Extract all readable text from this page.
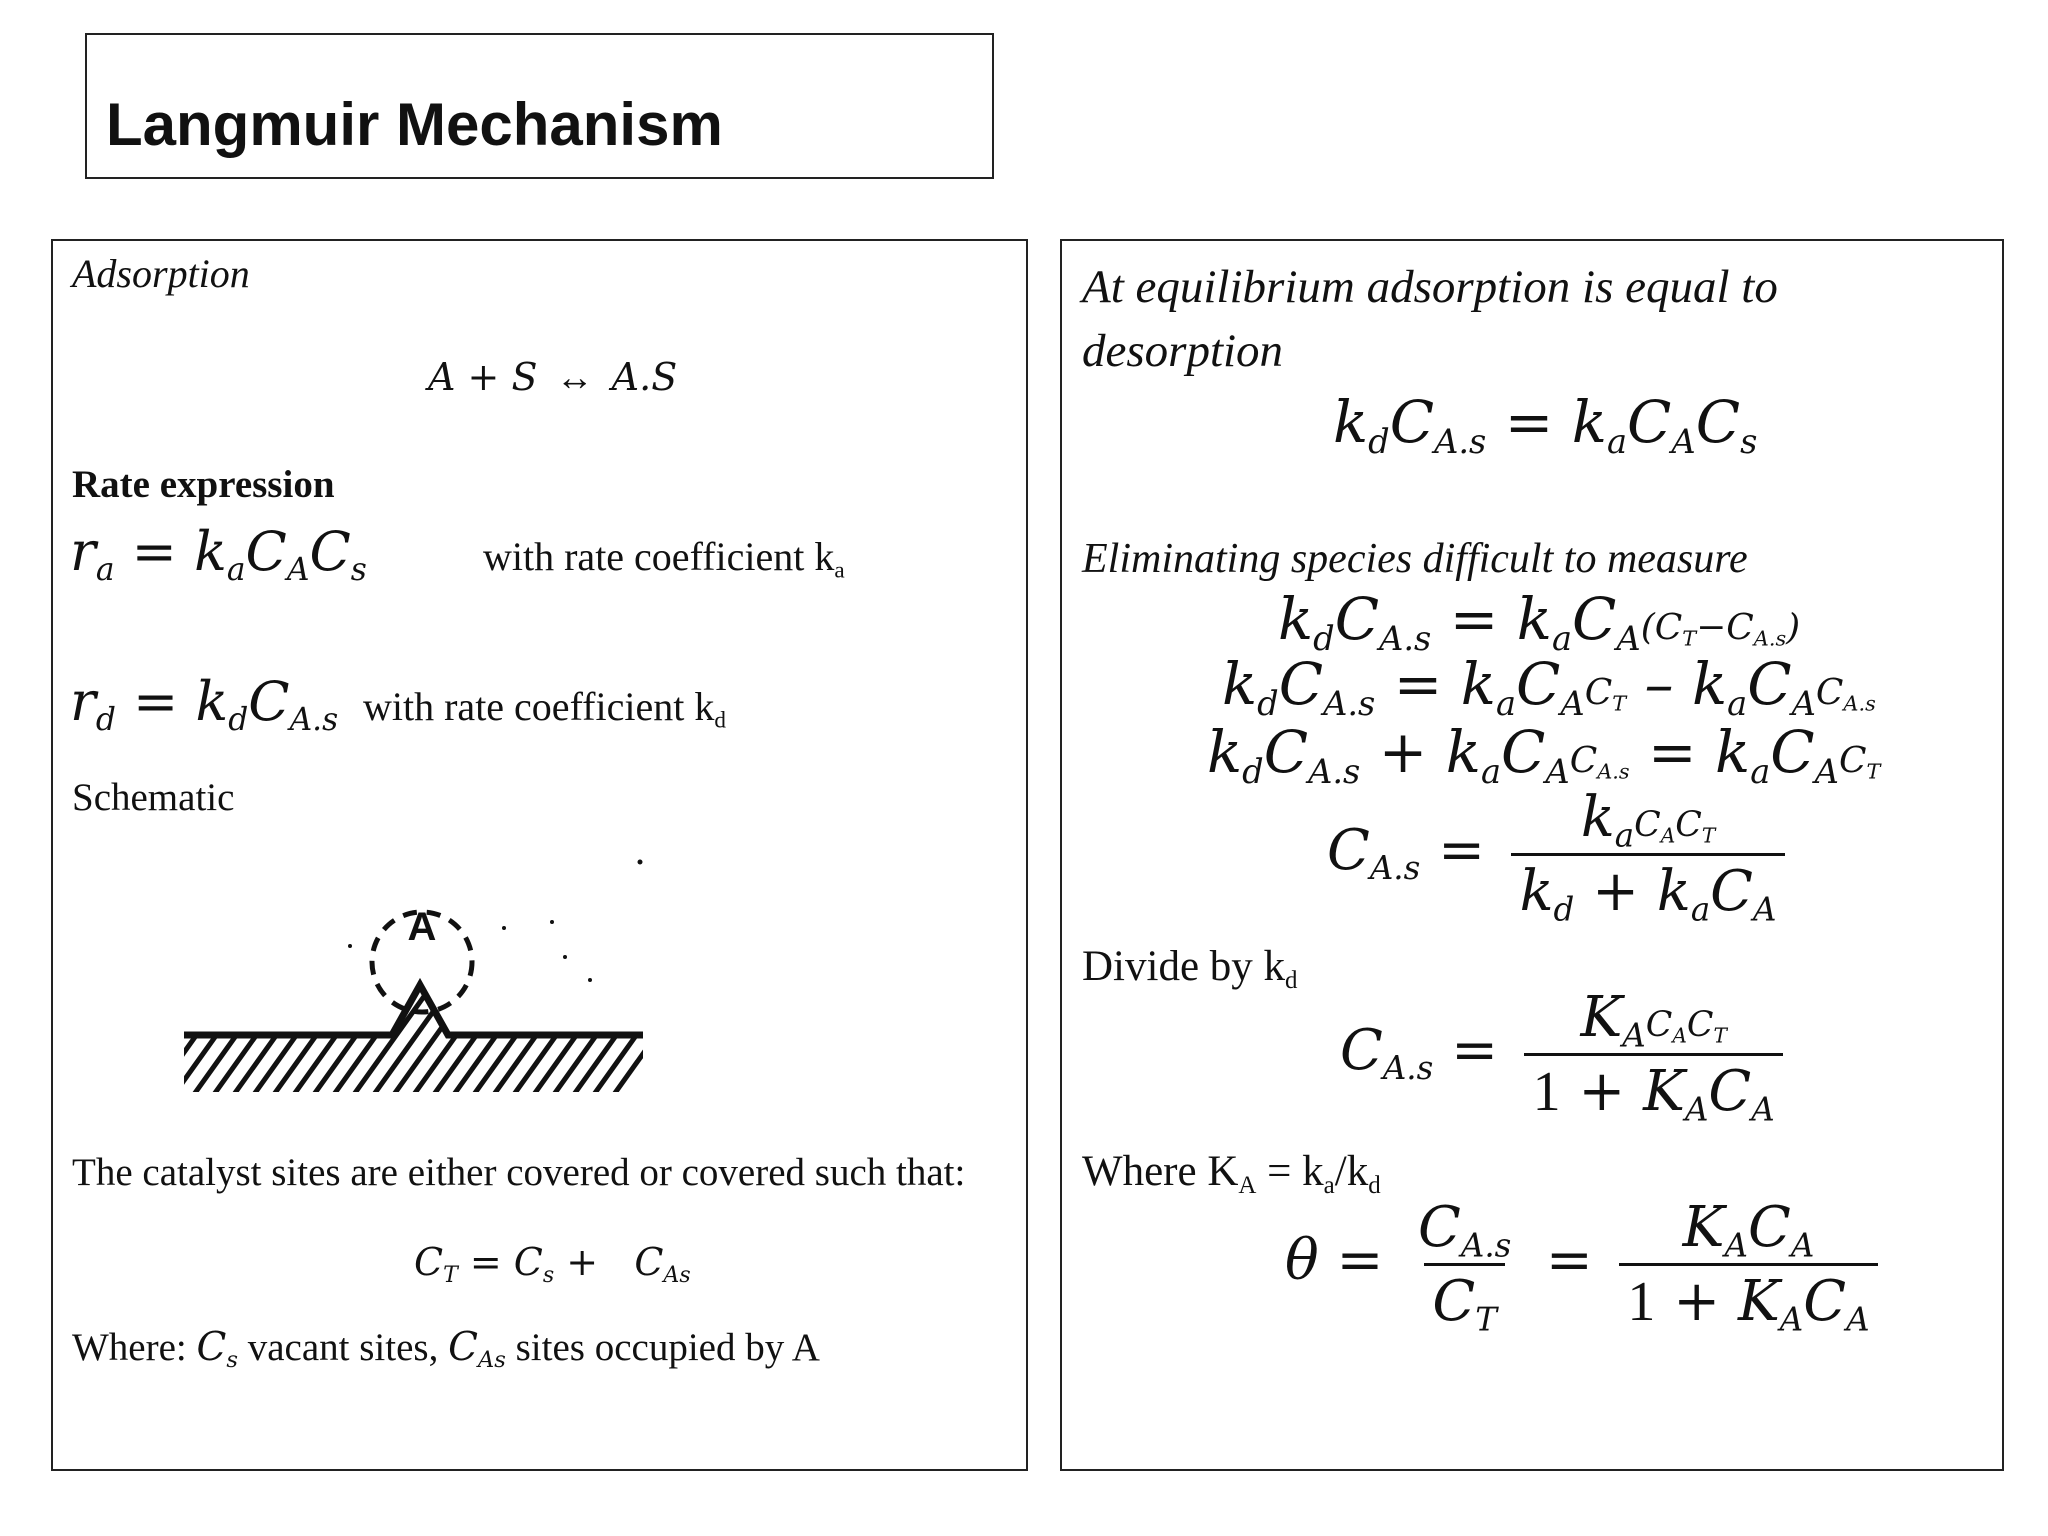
Langmuir Mechanism
Adsorption
A + S ↔ A.S
Rate expression
$r_a = k_aC_AC_s$	with rate coefficient $k_a$
$r_d = k_dC_{A.s}$ with rate coefficient $k_d$
Schematic
A
The catalyst sites are either covered or covered such that:
$C_T = C_s + C_{As}$
Where: $C_s$ vacant sites, $C_{As}$ sites occupied by A
At equilibrium adsorption is equal to desorption
$k_dC_{A.s} = k_aC_AC_s$
Eliminating species difficult to measure
$k_dC_{A.s} = k_aC_A(C_T-C_{A.s})$
$k_dC_{A.s} = k_aC_AC_T - k_aC_AC_{A.s}$
$k_dC_{A.s} + k_aC_AC_{A.s} = k_aC_AC_T$
$C_{A.s} = \frac{k_aC_AC_T}{k_d + k_aC_A}$
Divide by $k_d$
$C_{A.s} = \frac{K_AC_AC_T}{1 + K_AC_A}$
Where $K_A = k_a/k_d$
$\theta = \frac{C_{A.s}}{C_T} = \frac{K_AC_A}{1 + K_AC_A}$
